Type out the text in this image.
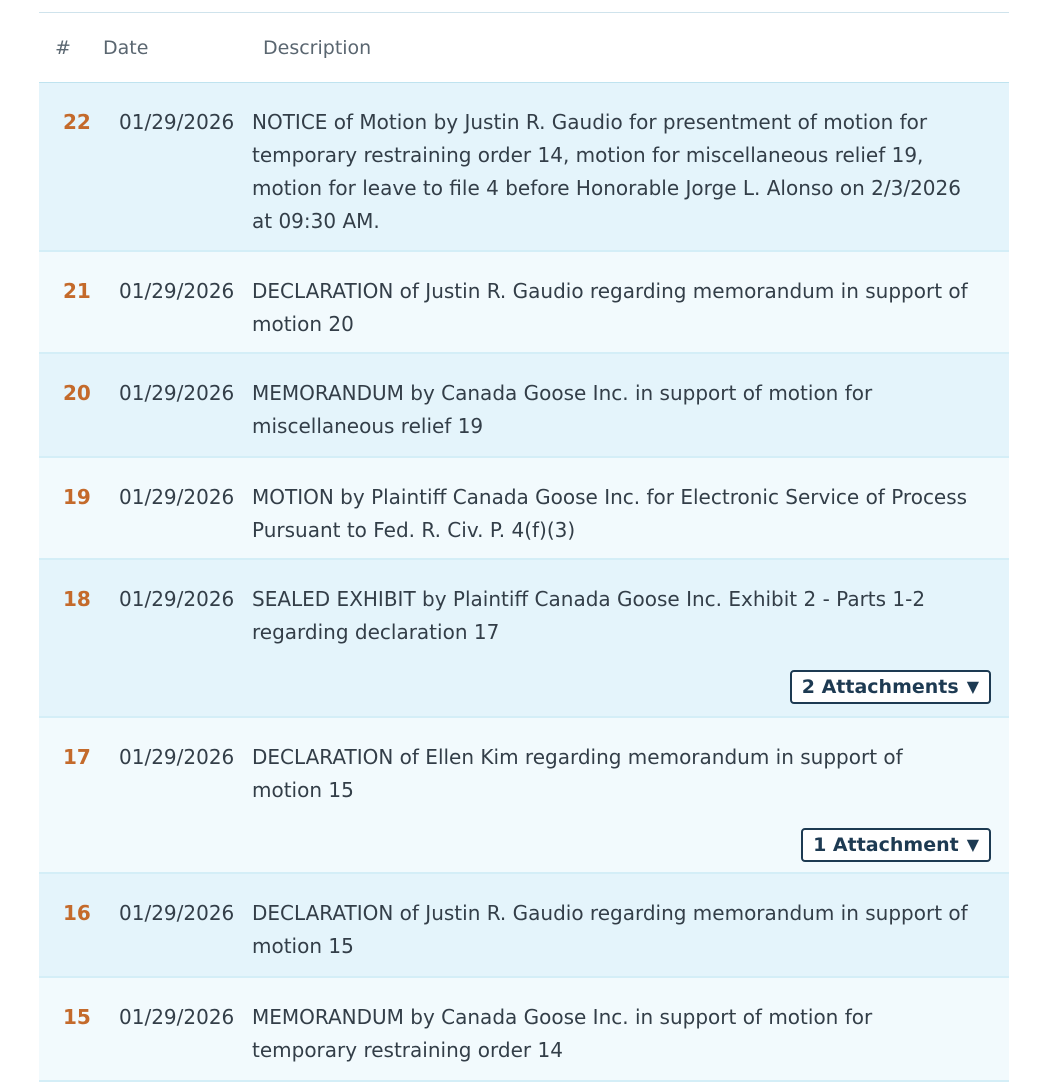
#	Date	Description
22	01/29/2026 NOTICE of Motion by Justin R. Gaudio for presentment of motion for temporary restraining order 14, motion for miscellaneous relief 19, motion for leave to file 4 before Honorable Jorge L. Alonso on 2/3/2026 at 09:30 AM.
21	01/29/2026 DECLARATION of Justin R. Gaudio regarding memorandum in support of motion 20
20	01/29/2026 MEMORANDUM by Canada Goose Inc. in support of motion for miscellaneous relief 19
19	01/29/2026 MOTION by Plaintiff Canada Goose Inc. for Electronic Service of Process Pursuant to Fed. R. Civ. P. 4(f)(3)
18	01/29/2026 SEALED EXHIBIT by Plaintiff Canada Goose Inc. Exhibit 2 - Parts 1-2 regarding declaration 17
2 Attachments ▼
17	01/29/2026 DECLARATION of Ellen Kim regarding memorandum in support of motion 15
1 Attachment ▼
16	01/29/2026 DECLARATION of Justin R. Gaudio regarding memorandum in support of motion 15
15	01/29/2026 MEMORANDUM by Canada Goose Inc. in support of motion for temporary restraining order 14
